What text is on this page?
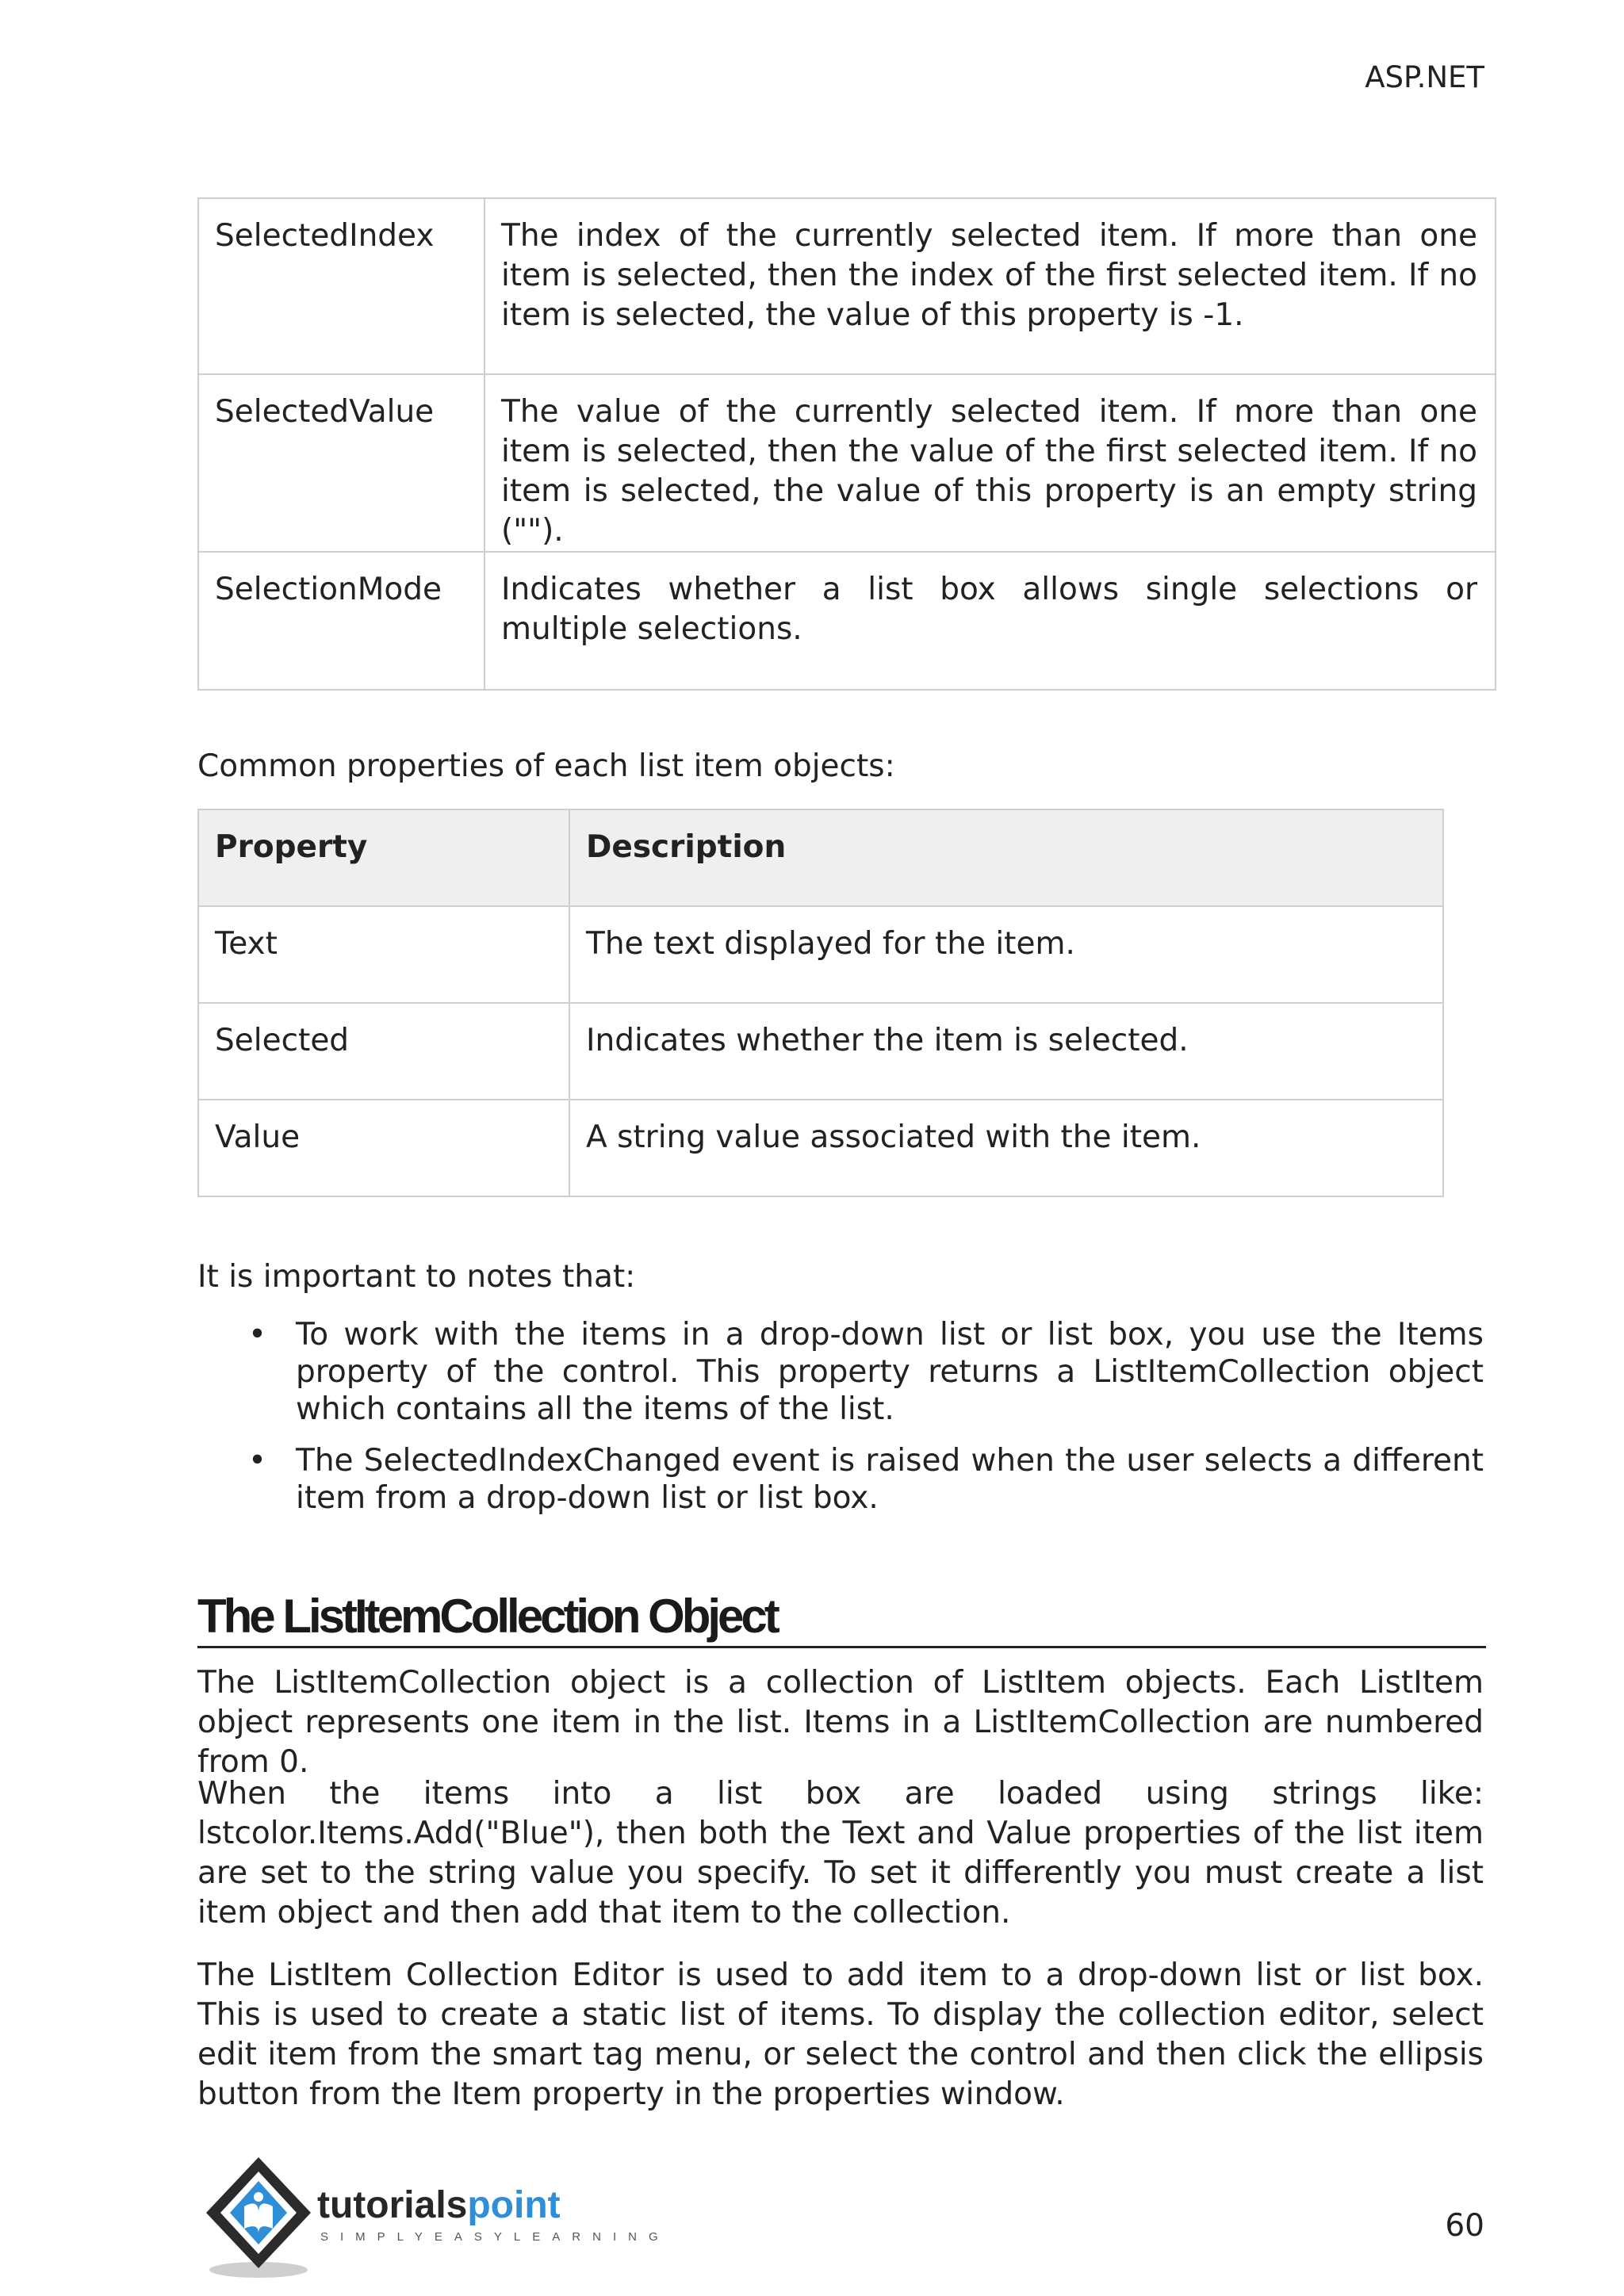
ASP.NET
SelectedIndex	The index of the currently selected item. If more than one item is selected, then the index of the first selected item. If no item is selected, the value of this property is -1.
SelectedValue	The value of the currently selected item. If more than one item is selected, then the value of the first selected item. If no item is selected, the value of this property is an empty string ("").
SelectionMode	Indicates whether a list box allows single selections or multiple selections.
Common properties of each list item objects:
Property	Description
Text	The text displayed for the item.
Selected	Indicates whether the item is selected.
Value	A string value associated with the item.
It is important to notes that:
• To work with the items in a drop-down list or list box, you use the Items property of the control. This property returns a ListItemCollection object which contains all the items of the list.
• The SelectedIndexChanged event is raised when the user selects a different item from a drop-down list or list box.
The ListItemCollection Object
The ListItemCollection object is a collection of ListItem objects. Each ListItem object represents one item in the list. Items in a ListItemCollection are numbered from 0.
When the items into a list box are loaded using strings like: lstcolor.Items.Add("Blue"), then both the Text and Value properties of the list item are set to the string value you specify. To set it differently you must create a list item object and then add that item to the collection.
The ListItem Collection Editor is used to add item to a drop-down list or list box. This is used to create a static list of items. To display the collection editor, select edit item from the smart tag menu, or select the control and then click the ellipsis button from the Item property in the properties window.
tutorialspoint
SIMPLYEASYLEARNING	60
